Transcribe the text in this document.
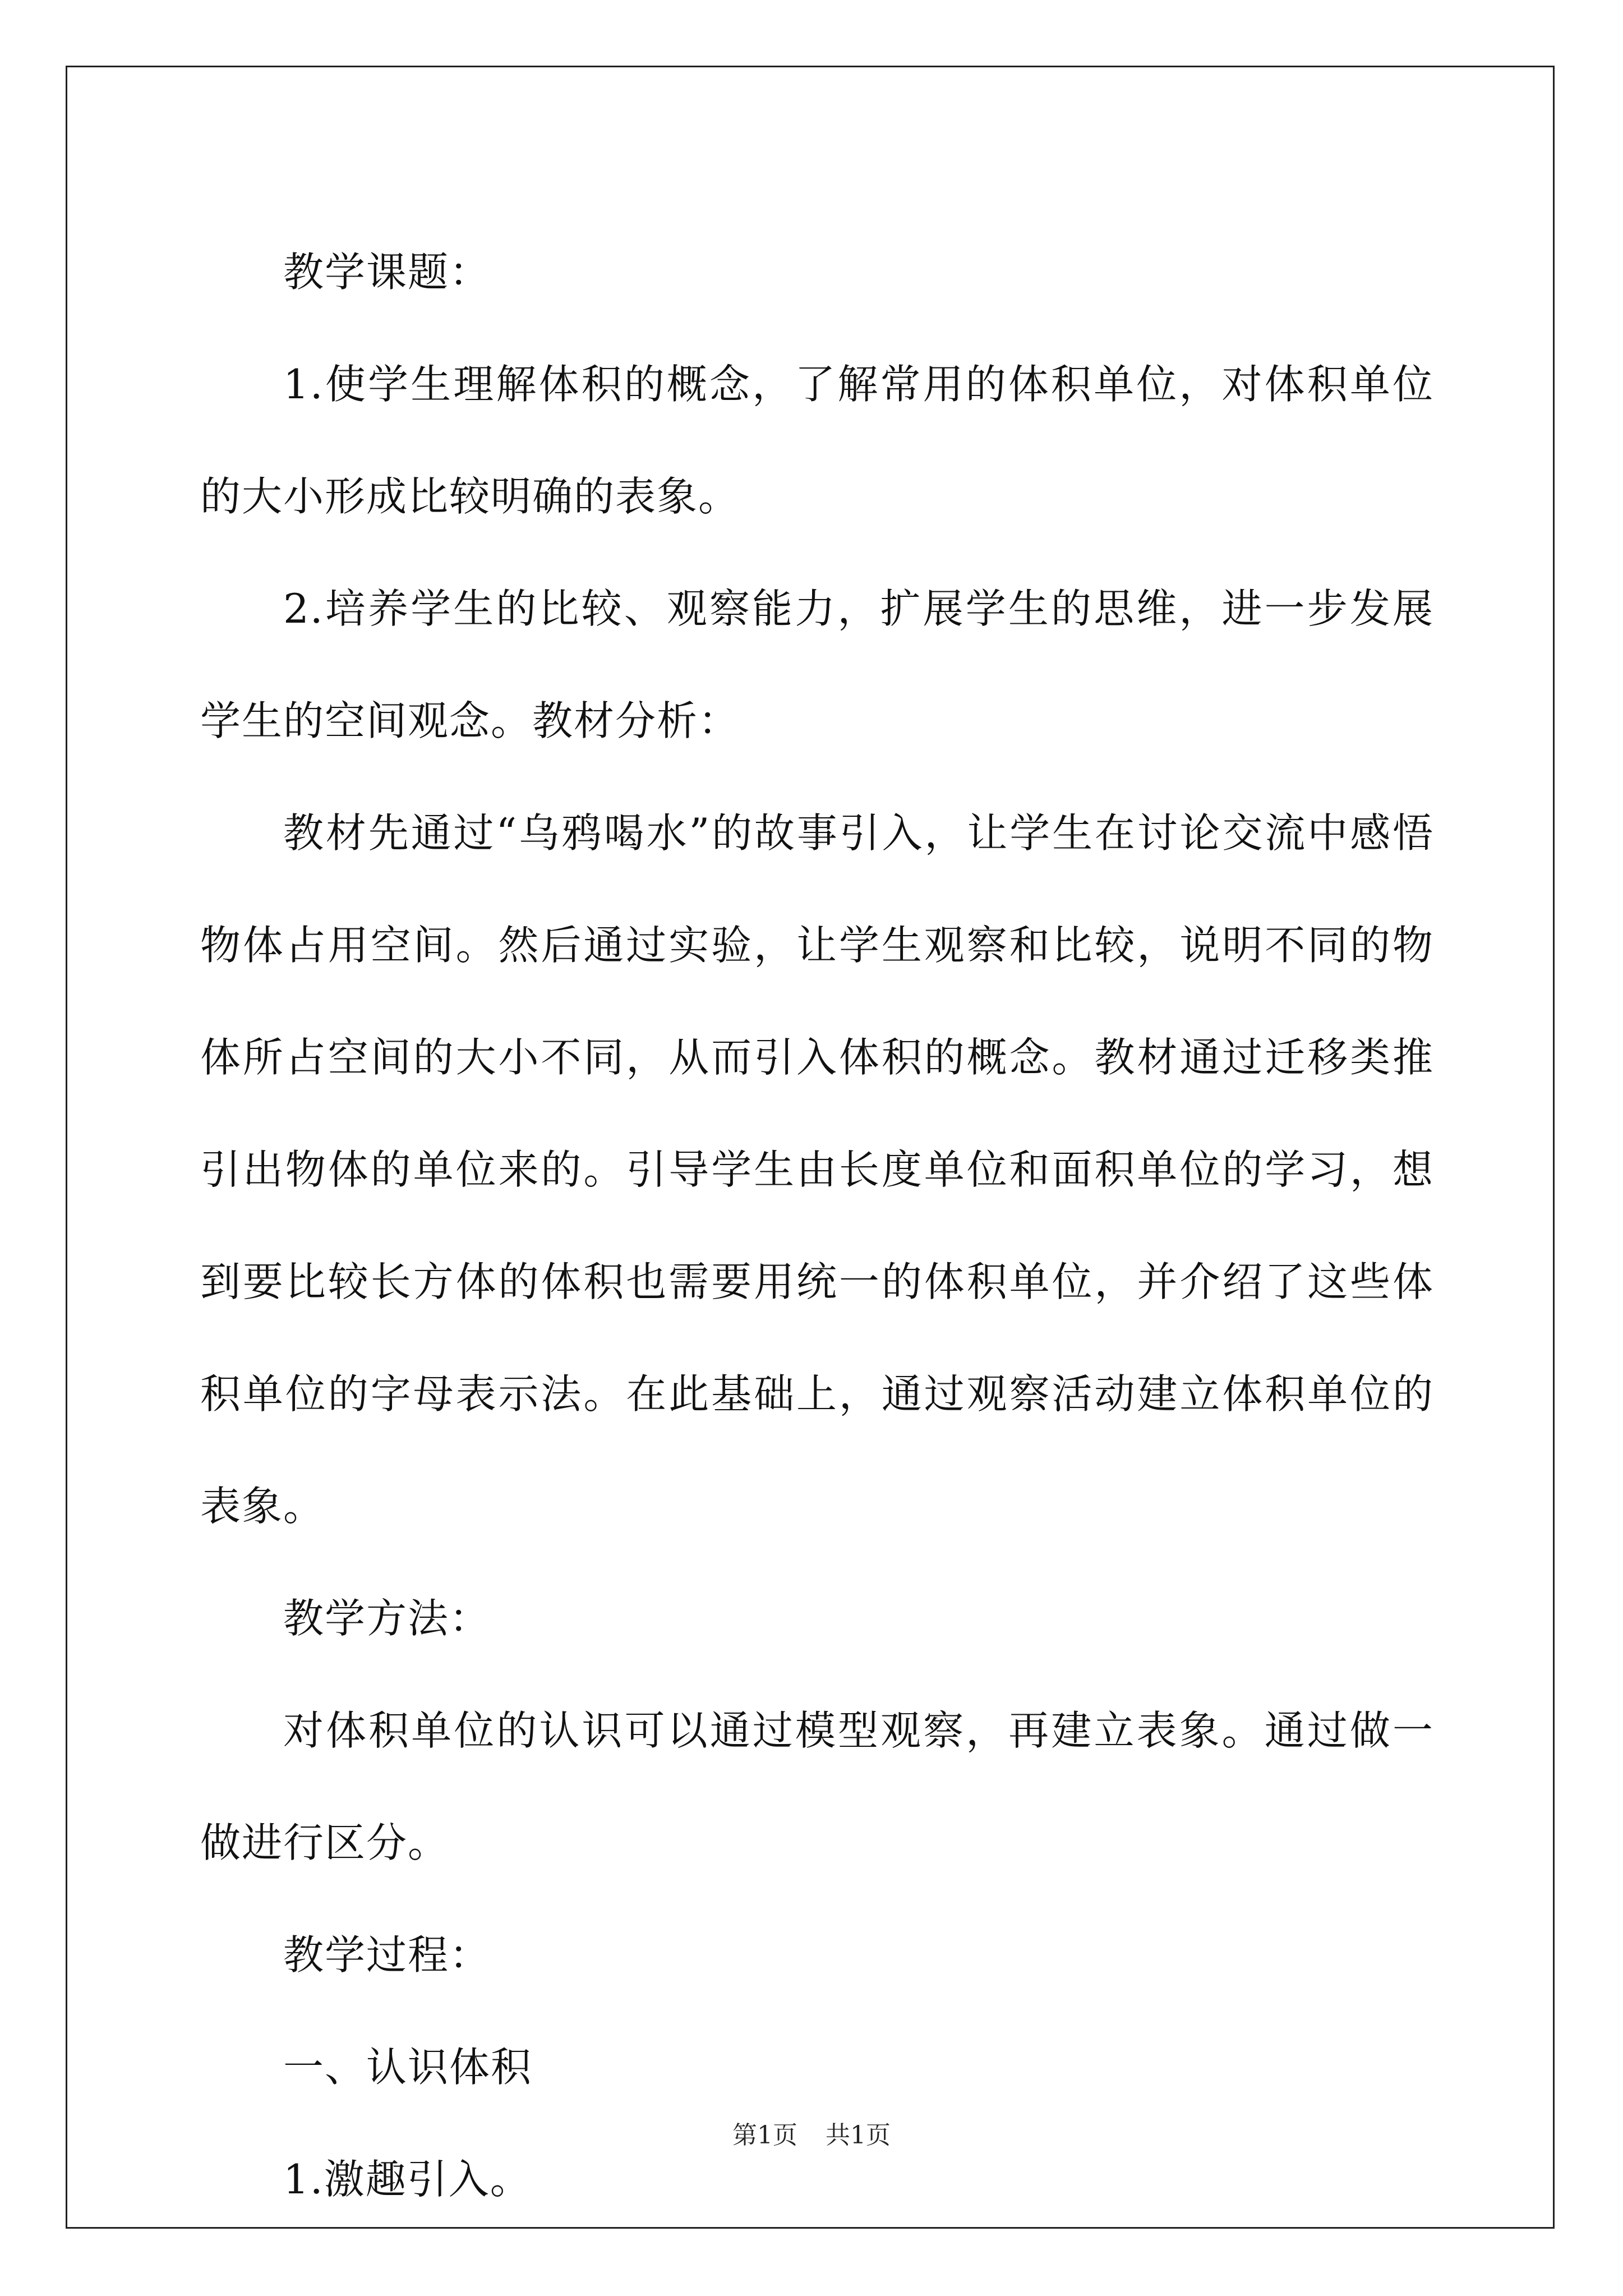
教学课题：

1.使学生理解体积的概念，了解常用的体积单位，对体积单位的大小形成比较明确的表象。

2.培养学生的比较、观察能力，扩展学生的思维，进一步发展学生的空间观念。教材分析：

教材先通过“乌鸦喝水”的故事引入，让学生在讨论交流中感悟物体占用空间。然后通过实验，让学生观察和比较，说明不同的物体所占空间的大小不同，从而引入体积的概念。教材通过迁移类推引出物体的单位来的。引导学生由长度单位和面积单位的学习，想到要比较长方体的体积也需要用统一的体积单位，并介绍了这些体积单位的字母表示法。在此基础上，通过观察活动建立体积单位的表象。

教学方法：

对体积单位的认识可以通过模型观察，再建立表象。通过做一做进行区分。

教学过程：

一、认识体积

1.激趣引入。

第1页 共1页
